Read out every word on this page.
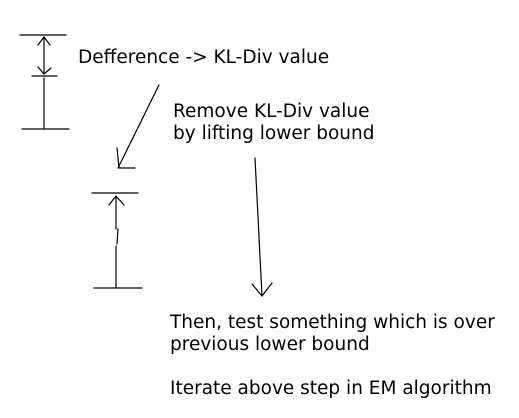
Defference -> KL-Div value
Remove KL-Div value
by lifting lower bound
Then, test something which is over
previous lower bound
Iterate above step in EM algorithm
